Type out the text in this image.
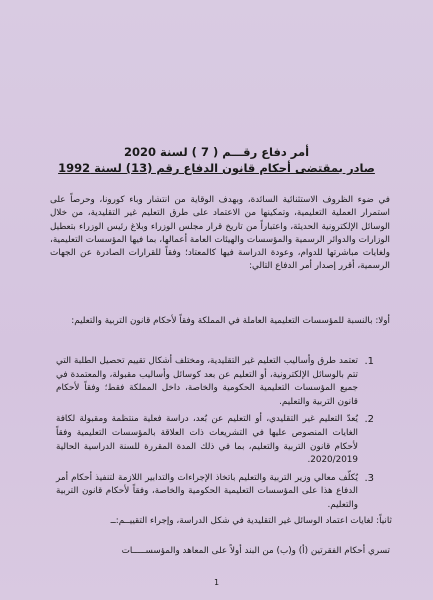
أمر دفاع رقـــم ( 7 ) لسنة 2020
صادر بمقتضى أحكام قانون الدفاع رقم (13) لسنة 1992

في ضوء الظروف الاستثنائية السائدة، وبهدف الوقاية من انتشار وباء كورونا، وحرصاً على استمرار العملية التعليمية، وتمكينها من الاعتماد على طرق التعليم غير التقليدية، من خلال الوسائل الإلكترونية الحديثة، واعتباراً من تاريخ قرار مجلس الوزراء وبلاغ رئيس الوزراء بتعطيل الوزارات والدوائر الرسمية والمؤسسات والهيئات العامة أعمالها، بما فيها المؤسسات التعليمية، ولغايات مباشرتها للدوام، وعودة الدراسة فيها كالمعتاد؛ وفقاً للقرارات الصادرة عن الجهات الرسمية، أقرر إصدار أمر الدفاع التالي:

أولا: بالنسبة للمؤسسات التعليمية العاملة في المملكة وفقاً لأحكام قانون التربية والتعليم:

1.
تعتمد طرق وأساليب التعليم غير التقليدية، ومختلف أشكال تقييم تحصيل الطلبة التي تتم بالوسائل الإلكترونية، أو التعليم عن بعد كوسائل وأساليب مقبولة، والمعتمدة في جميع المؤسسات التعليمية الحكومية والخاصة، داخل المملكة فقط؛ وفقاً لأحكام قانون التربية والتعليم.
2.
يُعدّ التعليم غير التقليدي، أو التعليم عن بُعد، دراسة فعلية منتظمة ومقبولة لكافة الغايات المنصوص عليها في التشريعات ذات العلاقة بالمؤسسات التعليمية وفقاً لأحكام قانون التربية والتعليم، بما في ذلك المدة المقررة للسنة الدراسية الحالية 2020/2019.
3.
يُكلّف معالي وزير التربية والتعليم باتخاذ الإجراءات والتدابير اللازمة لتنفيذ أحكام أمر الدفاع هذا على المؤسسات التعليمية الحكومية والخاصة، وفقاً لأحكام قانون التربية والتعليم.

ثانياً: لغايات اعتماد الوسائل غير التقليدية في شكل الدراسة، وإجراء التقييــم:ــ

تسري أحكام الفقرتين (أ) و(ب) من البند أولاً على المعاهد والمؤسســـــات
1
